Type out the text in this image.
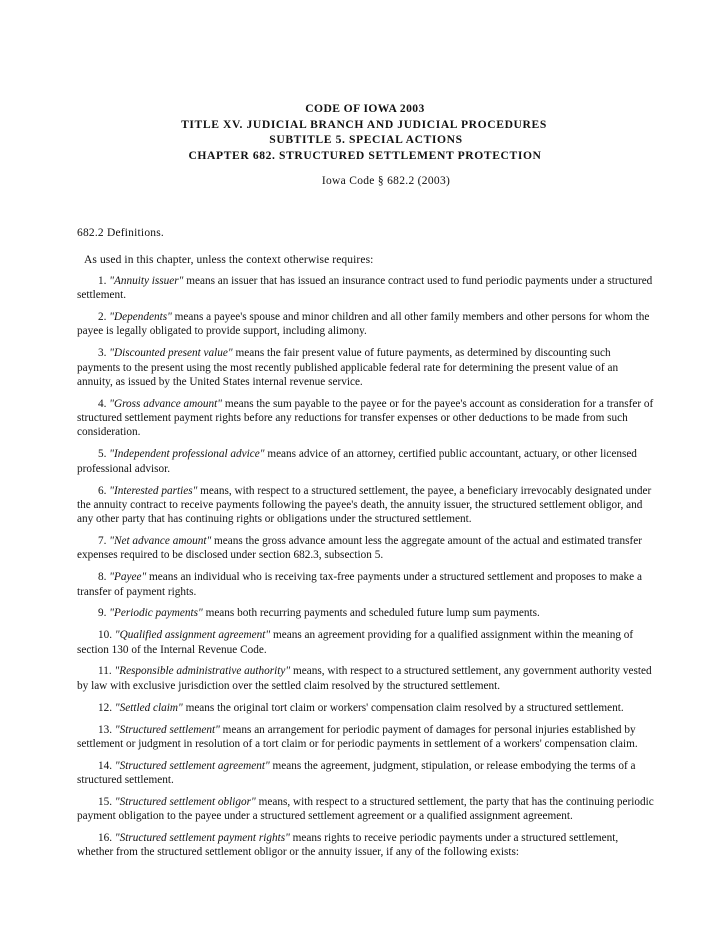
CODE OF IOWA 2003
TITLE XV. JUDICIAL BRANCH AND JUDICIAL PROCEDURES
SUBTITLE 5. SPECIAL ACTIONS
CHAPTER 682. STRUCTURED SETTLEMENT PROTECTION
Iowa Code § 682.2 (2003)
682.2 Definitions.
As used in this chapter, unless the context otherwise requires:

1. "Annuity issuer" means an issuer that has issued an insurance contract used to fund periodic payments under a structured settlement.

2. "Dependents" means a payee's spouse and minor children and all other family members and other persons for whom the payee is legally obligated to provide support, including alimony.

3. "Discounted present value" means the fair present value of future payments, as determined by discounting such payments to the present using the most recently published applicable federal rate for determining the present value of an annuity, as issued by the United States internal revenue service.

4. "Gross advance amount" means the sum payable to the payee or for the payee's account as consideration for a transfer of structured settlement payment rights before any reductions for transfer expenses or other deductions to be made from such consideration.

5. "Independent professional advice" means advice of an attorney, certified public accountant, actuary, or other licensed professional advisor.

6. "Interested parties" means, with respect to a structured settlement, the payee, a beneficiary irrevocably designated under the annuity contract to receive payments following the payee's death, the annuity issuer, the structured settlement obligor, and any other party that has continuing rights or obligations under the structured settlement.

7. "Net advance amount" means the gross advance amount less the aggregate amount of the actual and estimated transfer expenses required to be disclosed under section 682.3, subsection 5.

8. "Payee" means an individual who is receiving tax-free payments under a structured settlement and proposes to make a transfer of payment rights.

9. "Periodic payments" means both recurring payments and scheduled future lump sum payments.

10. "Qualified assignment agreement" means an agreement providing for a qualified assignment within the meaning of section 130 of the Internal Revenue Code.

11. "Responsible administrative authority" means, with respect to a structured settlement, any government authority vested by law with exclusive jurisdiction over the settled claim resolved by the structured settlement.

12. "Settled claim" means the original tort claim or workers' compensation claim resolved by a structured settlement.

13. "Structured settlement" means an arrangement for periodic payment of damages for personal injuries established by settlement or judgment in resolution of a tort claim or for periodic payments in settlement of a workers' compensation claim.

14. "Structured settlement agreement" means the agreement, judgment, stipulation, or release embodying the terms of a structured settlement.

15. "Structured settlement obligor" means, with respect to a structured settlement, the party that has the continuing periodic payment obligation to the payee under a structured settlement agreement or a qualified assignment agreement.

16. "Structured settlement payment rights" means rights to receive periodic payments under a structured settlement, whether from the structured settlement obligor or the annuity issuer, if any of the following exists:
